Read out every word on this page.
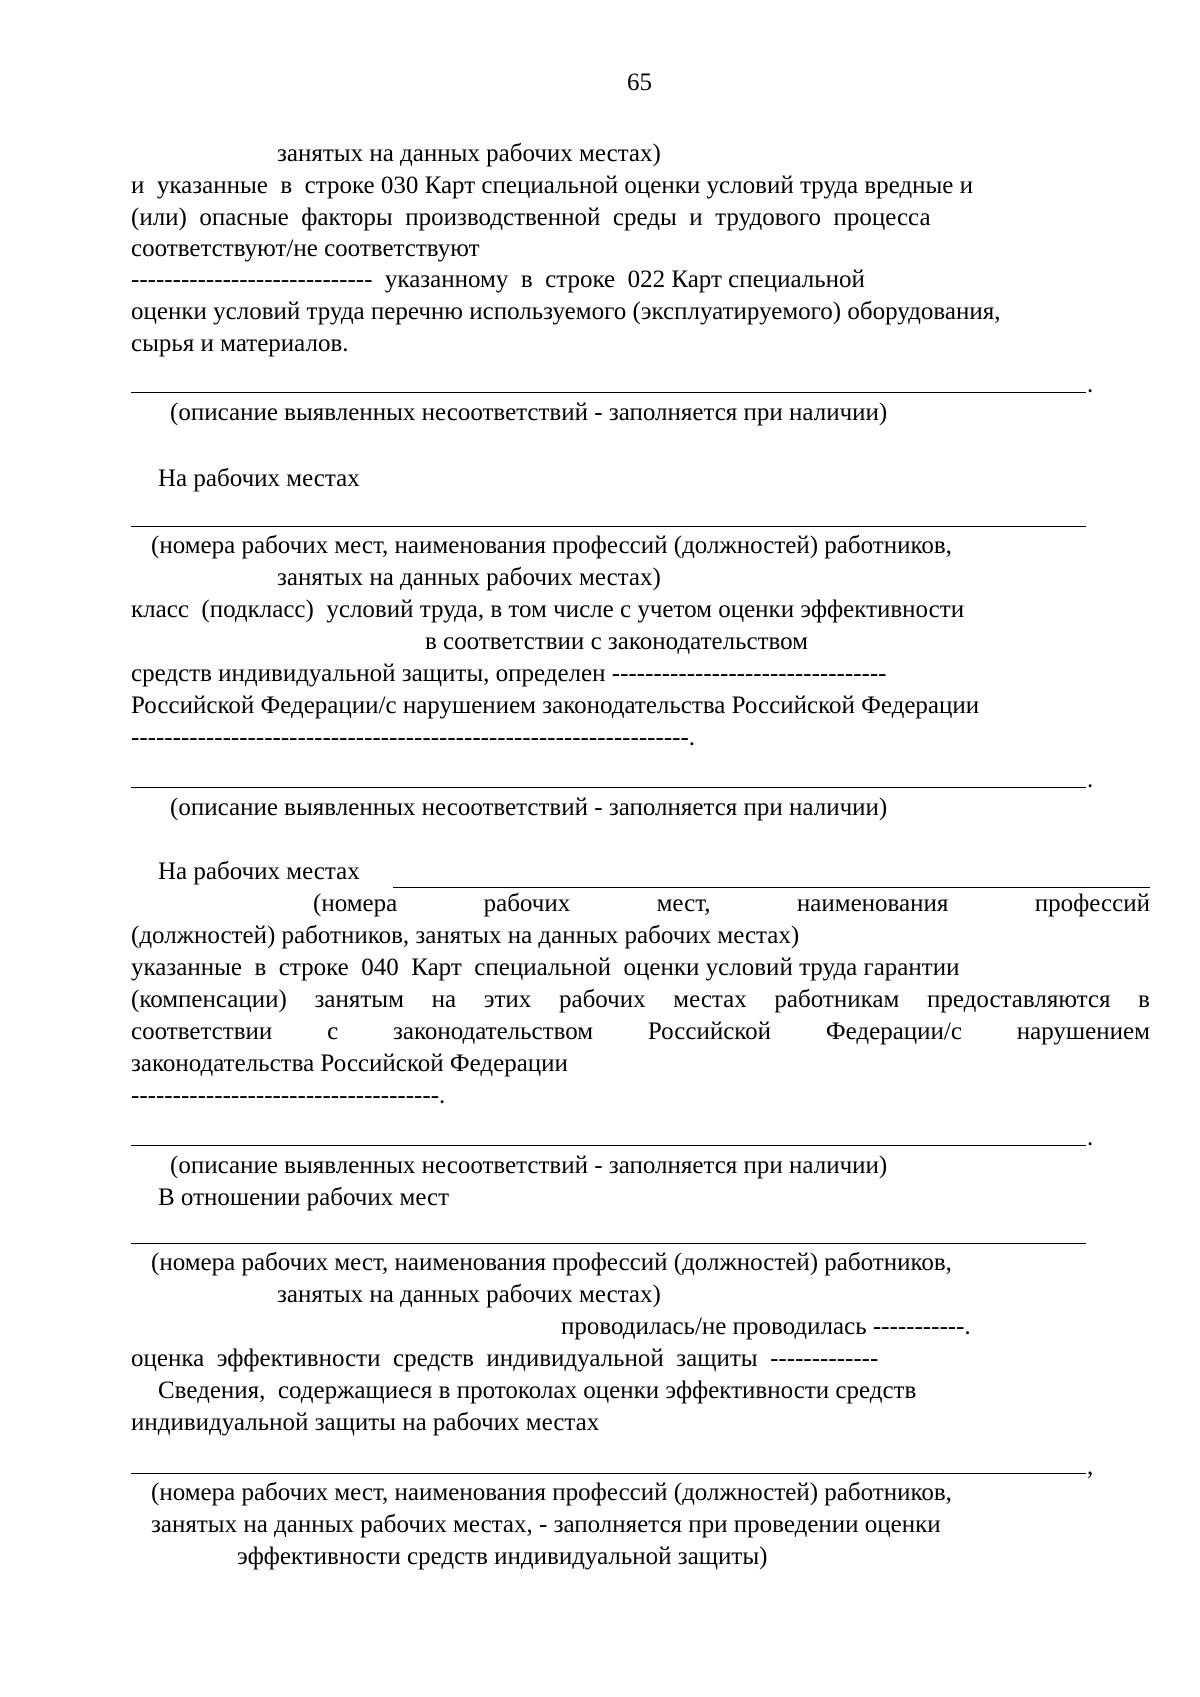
65
занятых на данных рабочих местах)
и  указанные  в  строке 030 Карт специальной оценки условий труда вредные и
(или)  опасные  факторы  производственной  среды  и  трудового  процесса
соответствуют/не соответствуют
-----------------------------  указанному  в  строке  022 Карт специальной
оценки условий труда перечню используемого (эксплуатируемого) оборудования,
сырья и материалов.
.
(описание выявленных несоответствий - заполняется при наличии)
На рабочих местах
(номера рабочих мест, наименования профессий (должностей) работников,
занятых на данных рабочих местах)
класс  (подкласс)  условий труда, в том числе с учетом оценки эффективности
в соответствии с законодательством
средств индивидуальной защиты, определен ---------------------------------
Российской Федерации/с нарушением законодательства Российской Федерации
-------------------------------------------------------------------.
.
(описание выявленных несоответствий - заполняется при наличии)
На рабочих местах
(номера	рабочих	мест,	наименования	профессий
(должностей) работников, занятых на данных рабочих местах)
указанные  в  строке  040  Карт  специальной  оценки условий труда гарантии
(компенсации) занятым на этих рабочих местах работникам предоставляются в
соответствии с законодательством Российской Федерации/с нарушением
законодательства Российской Федерации
-------------------------------------.
.
(описание выявленных несоответствий - заполняется при наличии)
В отношении рабочих мест
(номера рабочих мест, наименования профессий (должностей) работников,
занятых на данных рабочих местах)
проводилась/не проводилась -----------.
оценка  эффективности  средств  индивидуальной  защиты  -------------
Сведения,  содержащиеся в протоколах оценки эффективности средств
индивидуальной защиты на рабочих местах
,
(номера рабочих мест, наименования профессий (должностей) работников,
занятых на данных рабочих местах, - заполняется при проведении оценки
эффективности средств индивидуальной защиты)
